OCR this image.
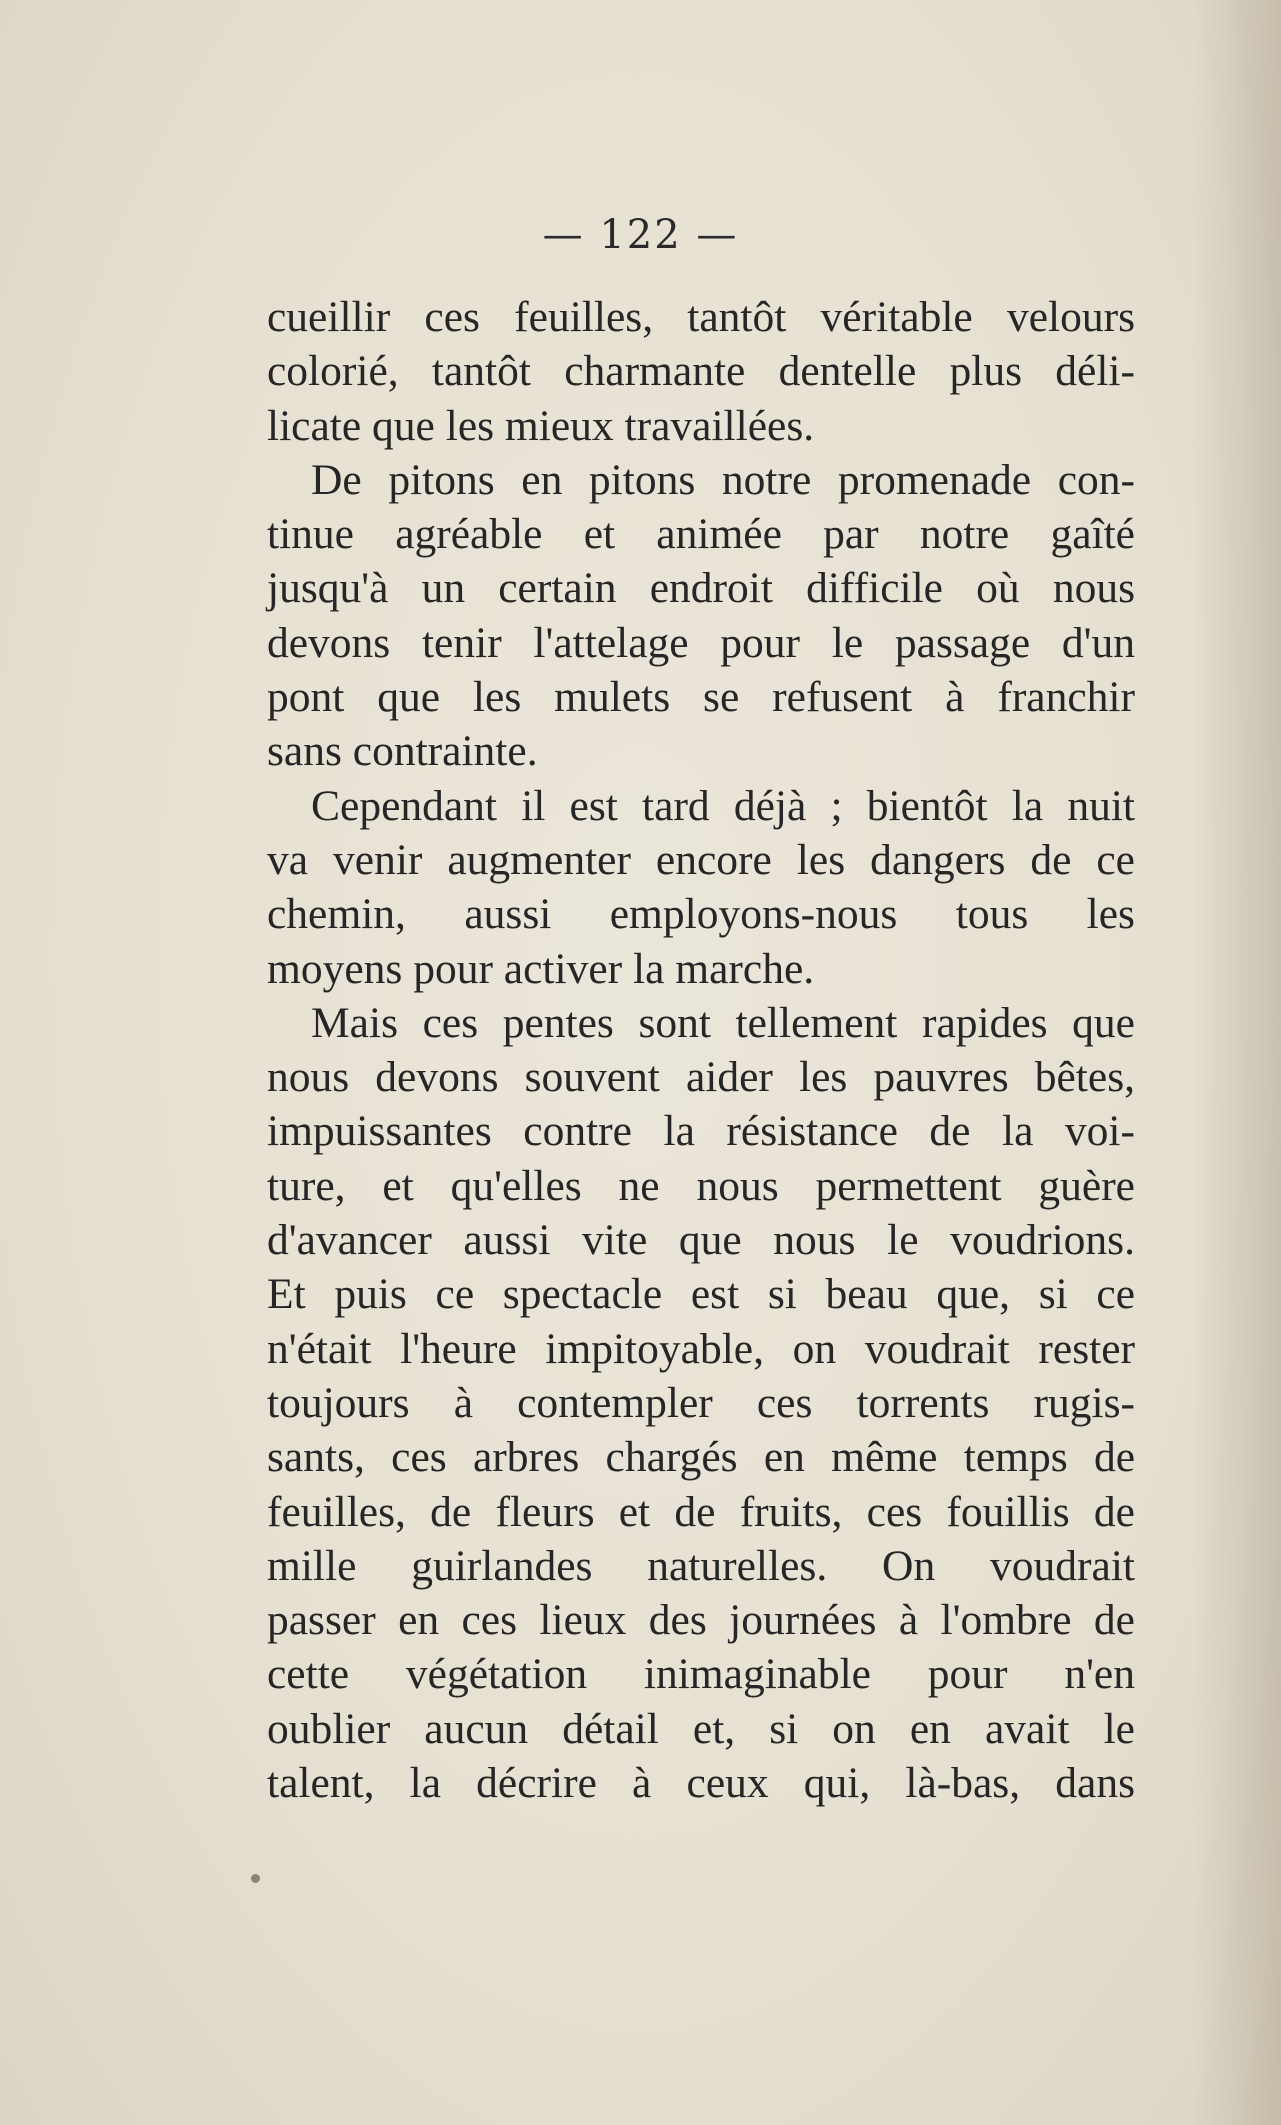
— 122 —
cueillir ces feuilles, tantôt véritable velours
colorié, tantôt charmante dentelle plus déli-
licate que les mieux travaillées.
De pitons en pitons notre promenade con-
tinue agréable et animée par notre gaîté
jusqu'à un certain endroit difficile où nous
devons tenir l'attelage pour le passage d'un
pont que les mulets se refusent à franchir
sans contrainte.
Cependant il est tard déjà ; bientôt la nuit
va venir augmenter encore les dangers de ce
chemin, aussi employons-nous tous les
moyens pour activer la marche.
Mais ces pentes sont tellement rapides que
nous devons souvent aider les pauvres bêtes,
impuissantes contre la résistance de la voi-
ture, et qu'elles ne nous permettent guère
d'avancer aussi vite que nous le voudrions.
Et puis ce spectacle est si beau que, si ce
n'était l'heure impitoyable, on voudrait rester
toujours à contempler ces torrents rugis-
sants, ces arbres chargés en même temps de
feuilles, de fleurs et de fruits, ces fouillis de
mille guirlandes naturelles. On voudrait
passer en ces lieux des journées à l'ombre de
cette végétation inimaginable pour n'en
oublier aucun détail et, si on en avait le
talent, la décrire à ceux qui, là-bas, dans
